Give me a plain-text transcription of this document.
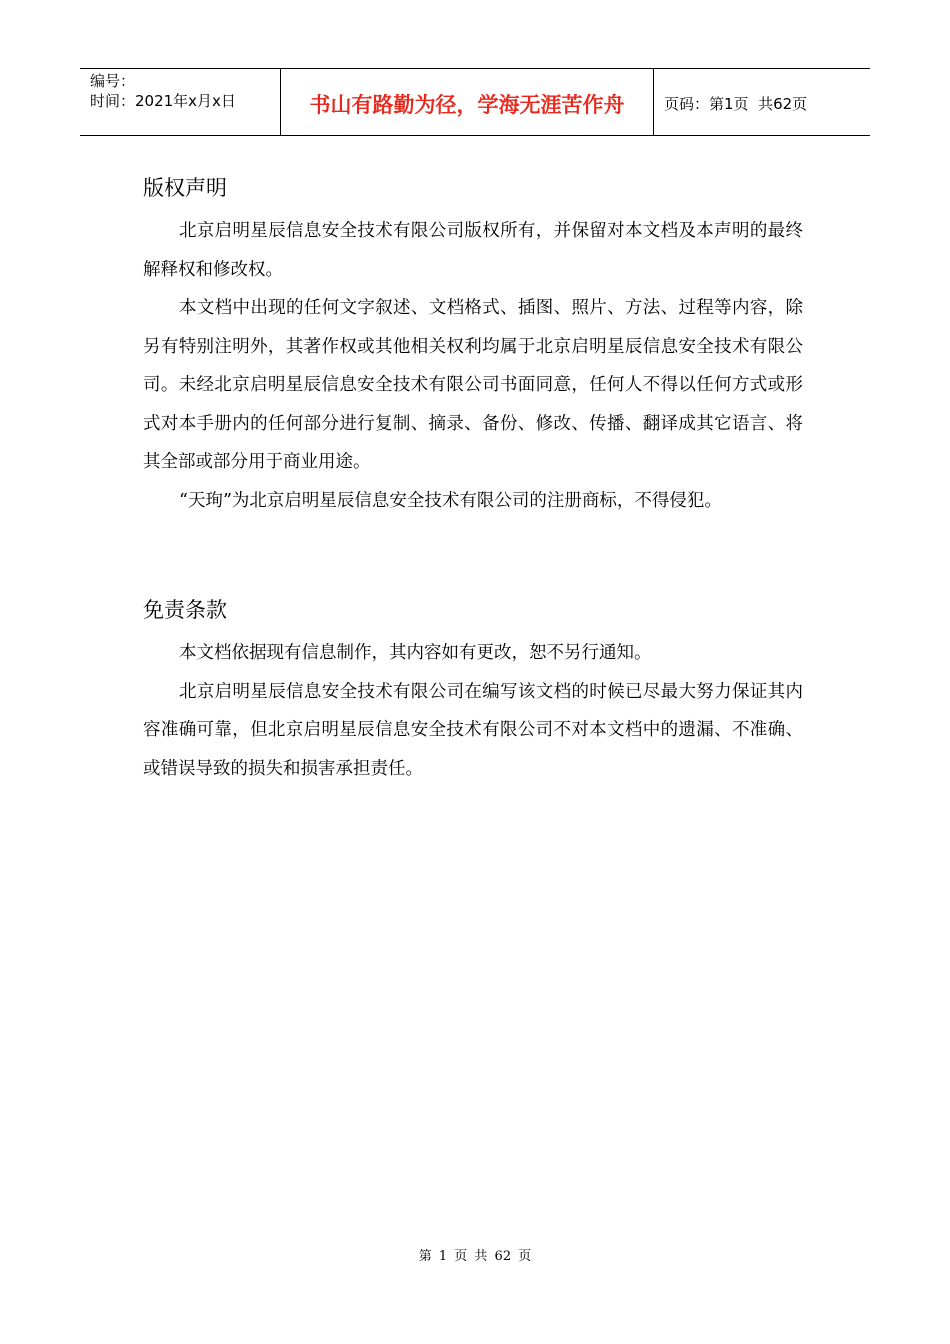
编号：
时间：2021年x月x日	书山有路勤为径，学海无涯苦作舟	页码：第1页  共62页
版权声明

北京启明星辰信息安全技术有限公司版权所有，并保留对本文档及本声明的最终解释权和修改权。

本文档中出现的任何文字叙述、文档格式、插图、照片、方法、过程等内容，除另有特别注明外，其著作权或其他相关权利均属于北京启明星辰信息安全技术有限公司。未经北京启明星辰信息安全技术有限公司书面同意，任何人不得以任何方式或形式对本手册内的任何部分进行复制、摘录、备份、修改、传播、翻译成其它语言、将其全部或部分用于商业用途。

“天珣”为北京启明星辰信息安全技术有限公司的注册商标，不得侵犯。

免责条款

本文档依据现有信息制作，其内容如有更改，恕不另行通知。

北京启明星辰信息安全技术有限公司在编写该文档的时候已尽最大努力保证其内容准确可靠，但北京启明星辰信息安全技术有限公司不对本文档中的遗漏、不准确、或错误导致的损失和损害承担责任。

第 1 页 共 62 页
